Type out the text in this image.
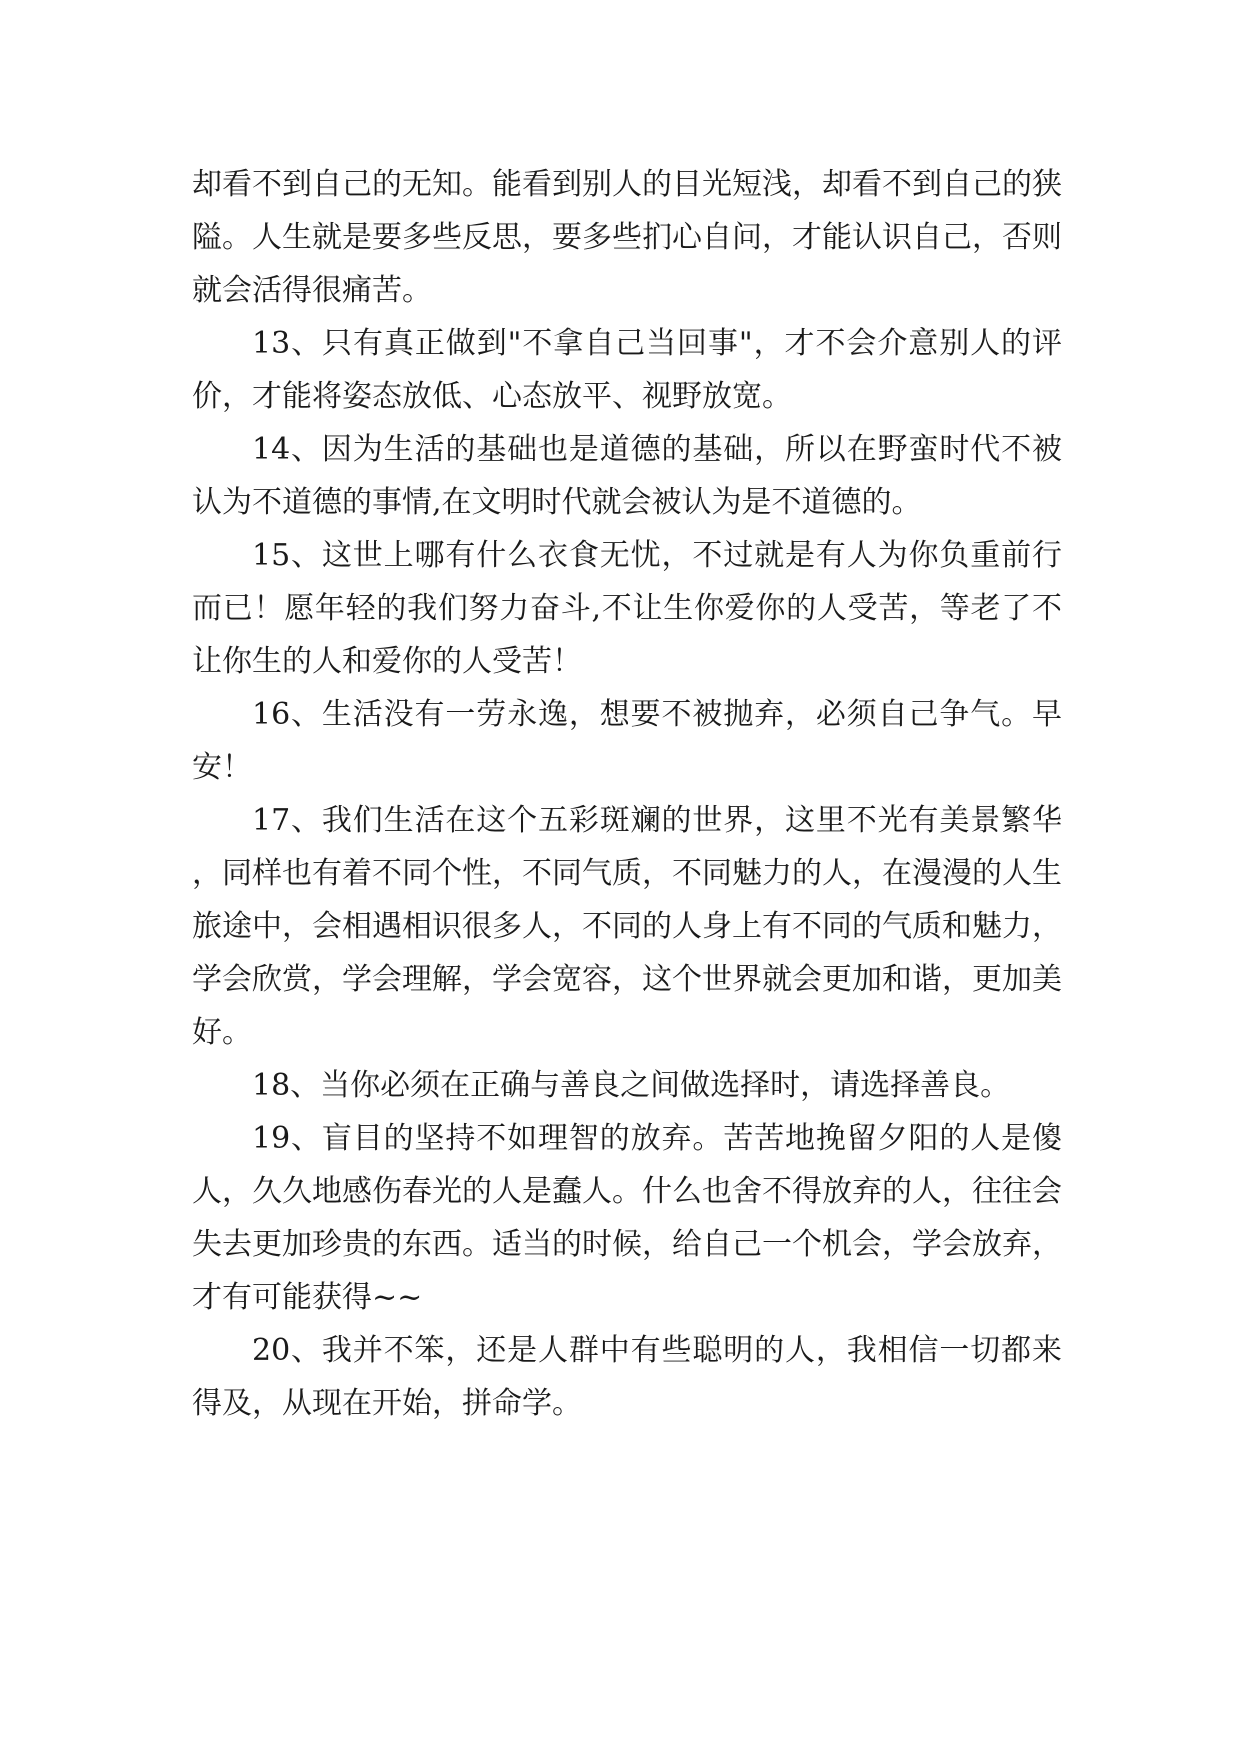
却看不到自己的无知。能看到别人的目光短浅，却看不到自己的狭隘。人生就是要多些反思，要多些扪心自问，才能认识自己，否则就会活得很痛苦。

13、只有真正做到"不拿自己当回事"，才不会介意别人的评价，才能将姿态放低、心态放平、视野放宽。

14、因为生活的基础也是道德的基础，所以在野蛮时代不被认为不道德的事情,在文明时代就会被认为是不道德的。

15、这世上哪有什么衣食无忧，不过就是有人为你负重前行而已！愿年轻的我们努力奋斗,不让生你爱你的人受苦，等老了不让你生的人和爱你的人受苦！

16、生活没有一劳永逸，想要不被抛弃，必须自己争气。早安！

17、我们生活在这个五彩斑斓的世界，这里不光有美景繁华，同样也有着不同个性，不同气质，不同魅力的人，在漫漫的人生旅途中，会相遇相识很多人，不同的人身上有不同的气质和魅力，学会欣赏，学会理解，学会宽容，这个世界就会更加和谐，更加美好。

18、当你必须在正确与善良之间做选择时，请选择善良。

19、盲目的坚持不如理智的放弃。苦苦地挽留夕阳的人是傻人，久久地感伤春光的人是蠢人。什么也舍不得放弃的人，往往会失去更加珍贵的东西。适当的时候，给自己一个机会，学会放弃，才有可能获得~~

20、我并不笨，还是人群中有些聪明的人，我相信一切都来得及，从现在开始，拼命学。
